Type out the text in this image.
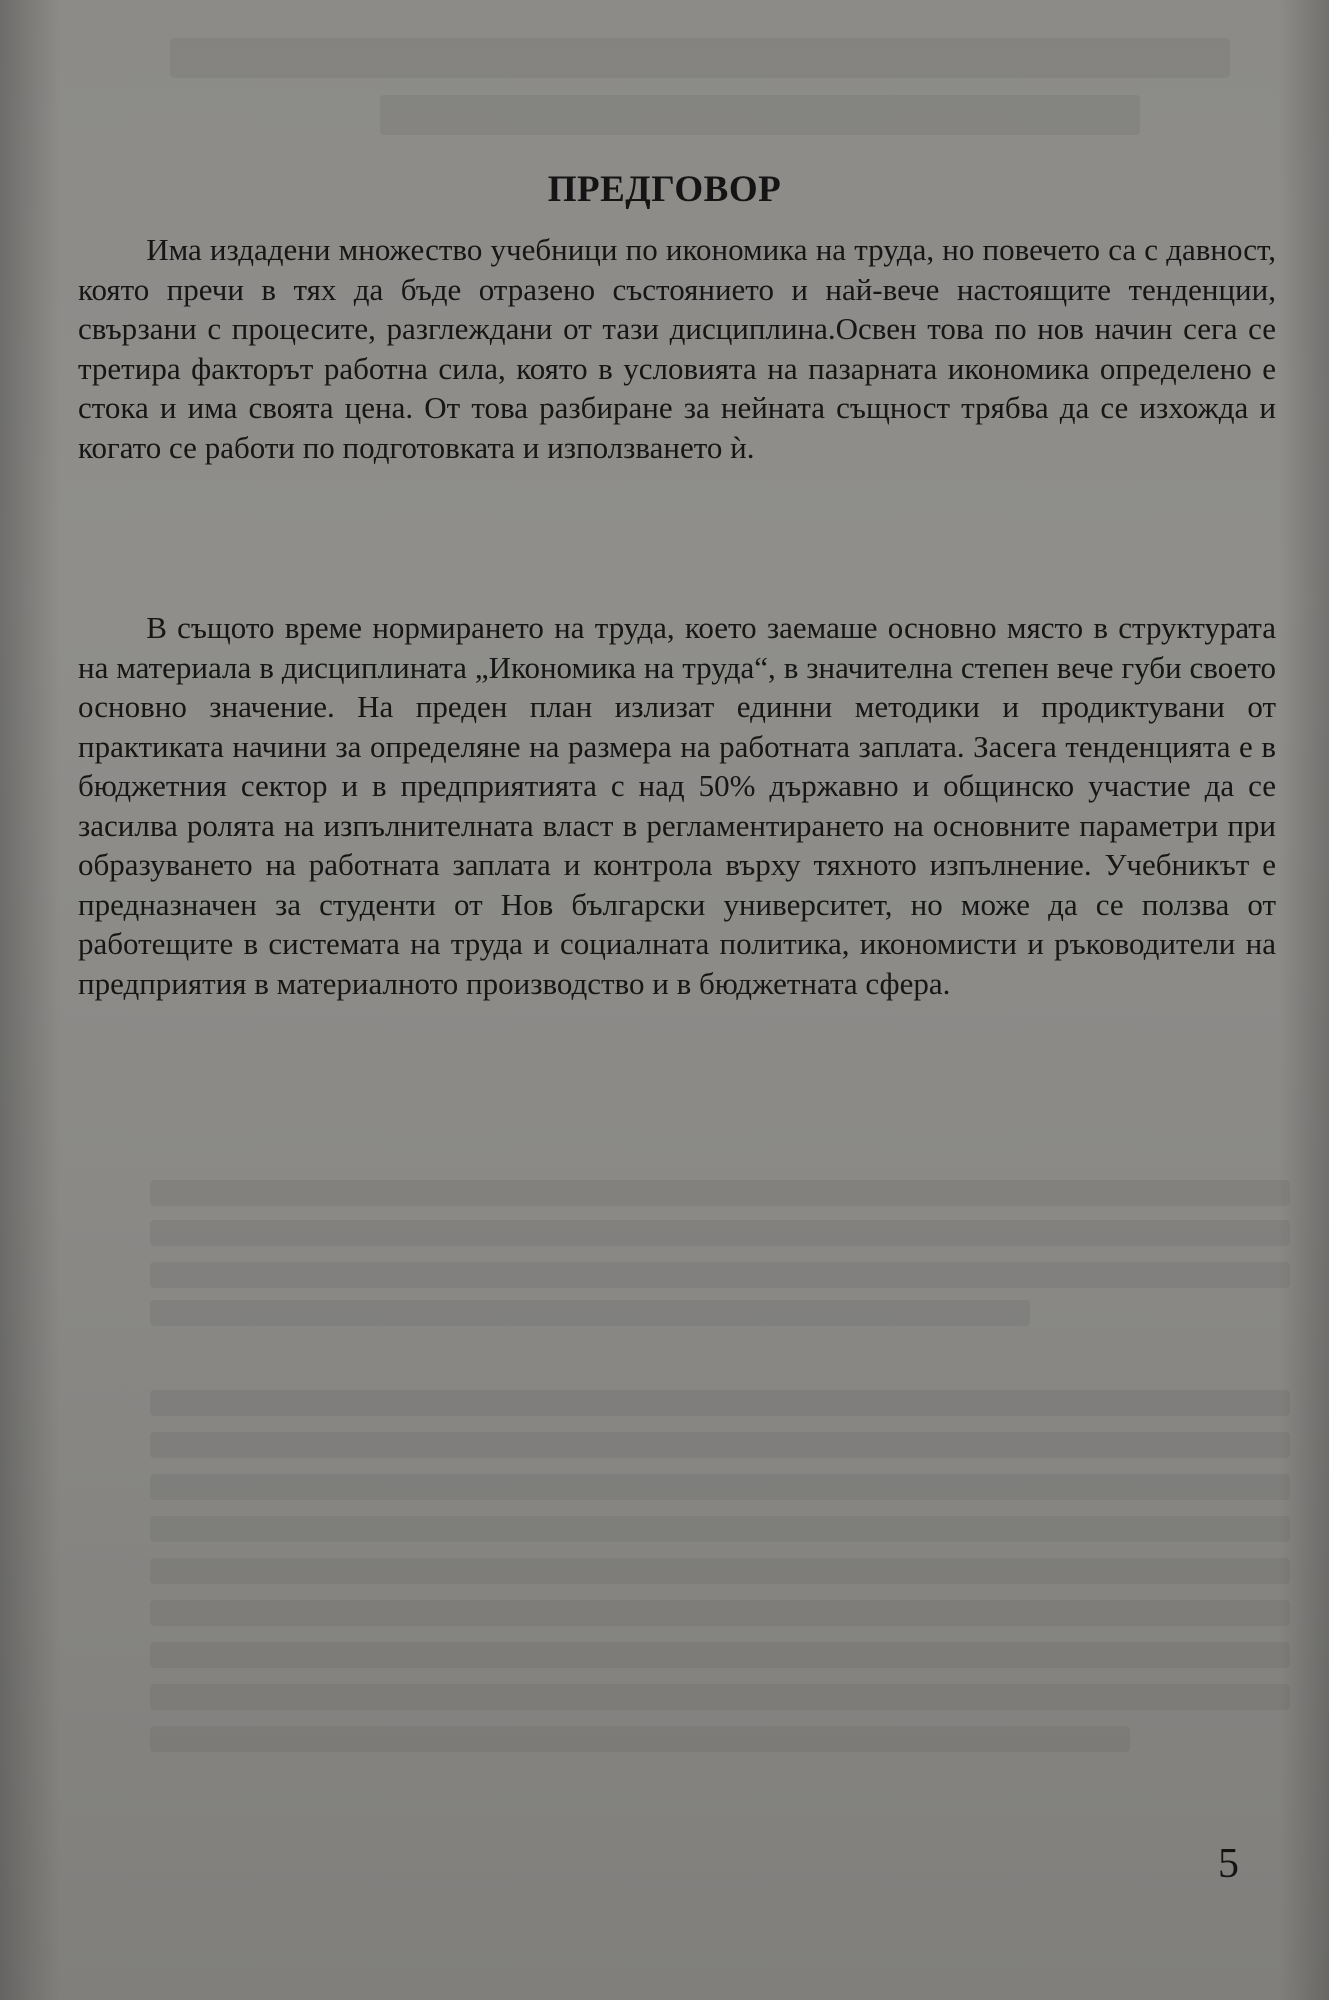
ПРЕДГОВОР

Има издадени множество учебници по икономика на труда, но повечето са с давност, която пречи в тях да бъде отразено състоянието и най-вече настоящите тенденции, свързани с процесите, разглеждани от тази дисциплина.Освен това по нов начин сега се третира факторът работна сила, която в условията на пазарната икономика определено е стока и има своята цена. От това разбиране за нейната същност трябва да се изхожда и когато се работи по подготовката и използването ѝ.

В същото време нормирането на труда, което заемаше основно място в структурата на материала в дисциплината „Икономика на труда“, в значителна степен вече губи своето основно значение. На преден план излизат единни методики и продиктувани от практиката начини за определяне на размера на работната заплата. Засега тенденцията е в бюджетния сектор и в предприятията с над 50% държавно и общинско участие да се засилва ролята на изпълнителната власт в регламентирането на основните параметри при образуването на работната заплата и контрола върху тяхното изпълнение. Учебникът е предназначен за студенти от Нов български университет, но може да се ползва от работещите в системата на труда и социалната политика, икономисти и ръководители на предприятия в материалното производство и в бюджетната сфера.

5
